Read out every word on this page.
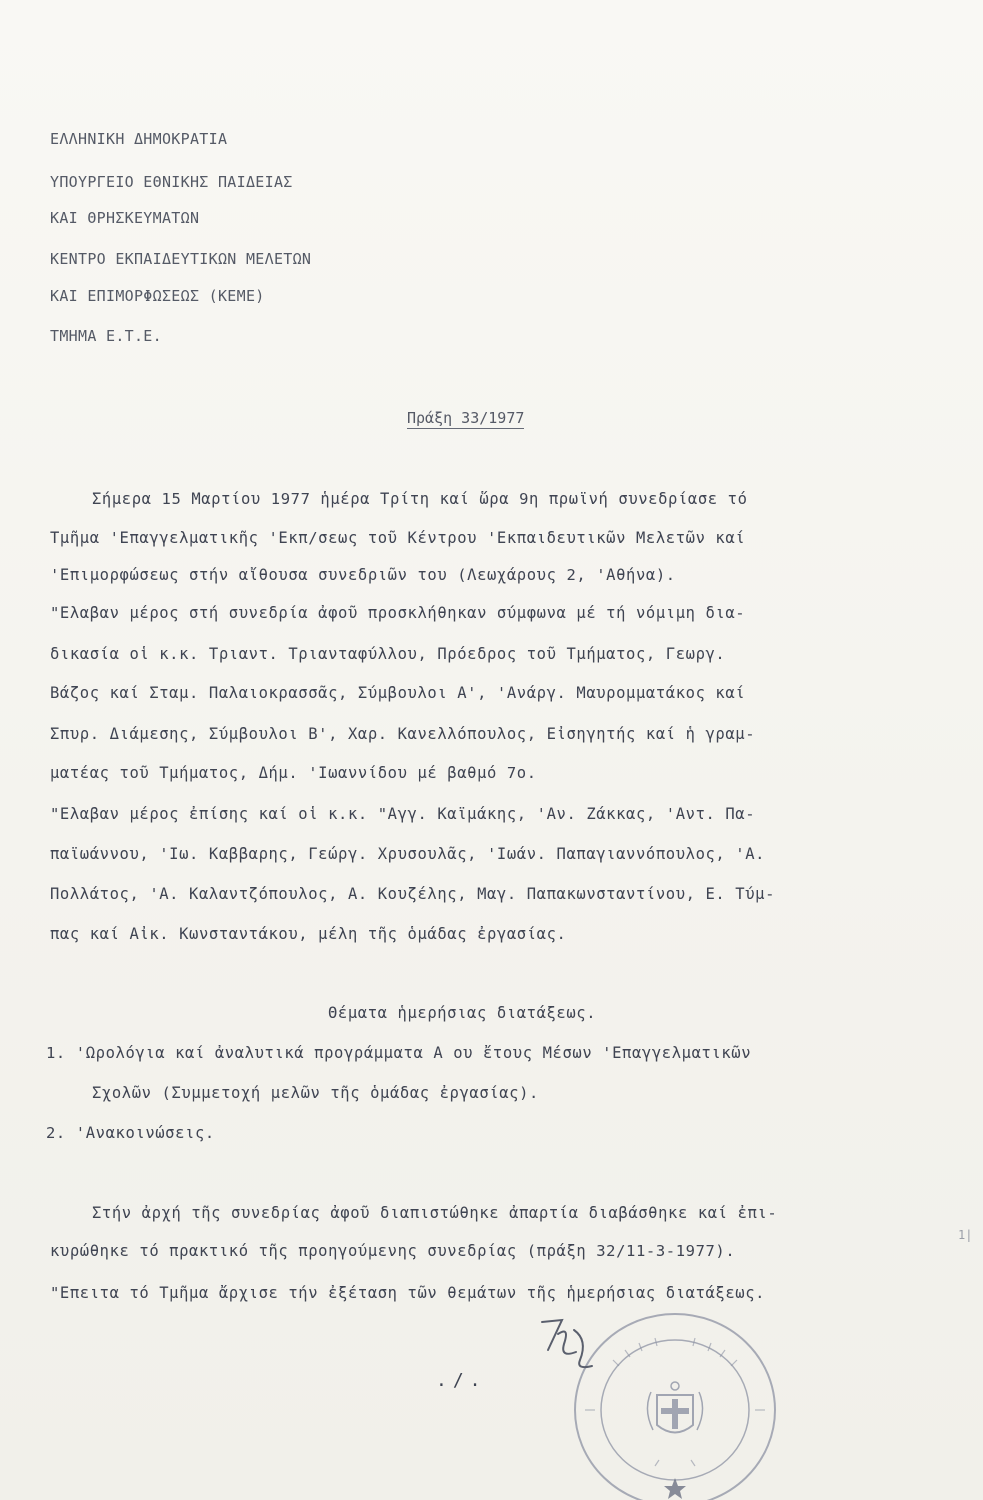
ΕΛΛΗΝΙΚΗ ΔΗΜΟΚΡΑΤΙΑ
ΥΠΟΥΡΓΕΙΟ ΕΘΝΙΚΗΣ ΠΑΙΔΕΙΑΣ
ΚΑΙ ΘΡΗΣΚΕΥΜΑΤΩΝ
ΚΕΝΤΡΟ ΕΚΠΑΙΔΕΥΤΙΚΩΝ ΜΕΛΕΤΩΝ
ΚΑΙ ΕΠΙΜΟΡΦΩΣΕΩΣ (ΚΕΜΕ)
ΤΜΗΜΑ Ε.Τ.Ε.
Πράξη 33/1977
Σήμερα 15 Μαρτίου 1977 ἡμέρα Τρίτη καί ὥρα 9η πρωϊνή συνεδρίασε τό
Τμῆμα 'Επαγγελματικῆς 'Εκπ/σεως τοῦ Κέντρου 'Εκπαιδευτικῶν Μελετῶν καί
'Επιμορφώσεως στήν αἴθουσα συνεδριῶν του (Λεωχάρους 2, 'Αθήνα).
"Ελαβαν μέρος στή συνεδρία ἀφοῦ προσκλήθηκαν σύμφωνα μέ τή νόμιμη δια-
δικασία οἱ κ.κ. Τριαντ. Τριανταφύλλου, Πρόεδρος τοῦ Τμήματος, Γεωργ.
Βάζος καί Σταμ. Παλαιοκρασσᾶς, Σύμβουλοι Α', 'Ανάργ. Μαυρομματάκος καί
Σπυρ. Διάμεσης, Σύμβουλοι Β', Χαρ. Κανελλόπουλος, Εἰσηγητής καί ἡ γραμ-
ματέας τοῦ Τμήματος, Δήμ. 'Ιωαννίδου μέ βαθμό 7ο.
"Ελαβαν μέρος ἐπίσης καί οἱ κ.κ. "Αγγ. Καϊμάκης, 'Αν. Ζάκκας, 'Αντ. Πα-
παϊωάννου, 'Ιω. Καββαρης, Γεώργ. Χρυσουλᾶς, 'Ιωάν. Παπαγιαννόπουλος, 'Α.
Πολλάτος, 'Α. Καλαντζόπουλος, Α. Κουζέλης, Μαγ. Παπακωνσταντίνου, Ε. Τύμ-
πας καί Αἰκ. Κωνσταντάκου, μέλη τῆς ὁμάδας ἐργασίας.
Θέματα ἡμερήσιας διατάξεως.
1. 'Ωρολόγια καί ἀναλυτικά προγράμματα Α ου ἔτους Μέσων 'Επαγγελματικῶν
Σχολῶν (Συμμετοχή μελῶν τῆς ὁμάδας ἐργασίας).
2. 'Ανακοινώσεις.
Στήν ἀρχή τῆς συνεδρίας ἀφοῦ διαπιστώθηκε ἀπαρτία διαβάσθηκε καί ἐπι-
κυρώθηκε τό πρακτικό τῆς προηγούμενης συνεδρίας (πράξη 32/11-3-1977).
"Επειτα τό Τμῆμα ἄρχισε τήν ἐξέταση τῶν θεμάτων τῆς ἡμερήσιας διατάξεως.
./.
1|
